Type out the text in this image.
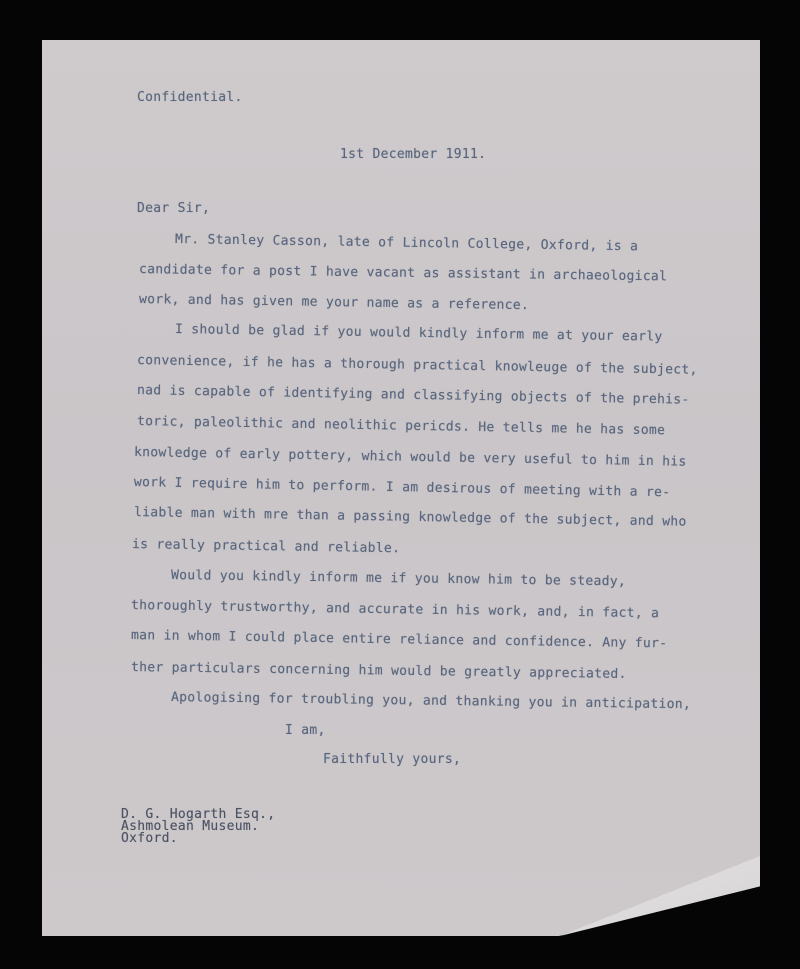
Confidential.
1st December 1911.
Dear Sir,
Mr. Stanley Casson, late of Lincoln College, Oxford, is a
candidate for a post I have vacant as assistant in archaeological
work, and has given me your name as a reference.
I should be glad if you would kindly inform me at your early
convenience, if he has a thorough practical knowleuge of the subject,
nad is capable of identifying and classifying objects of the prehis-
toric, paleolithic and neolithic pericds. He tells me he has some
knowledge of early pottery, which would be very useful to him in his
work I require him to perform. I am desirous of meeting with a re-
liable man with mre than a passing knowledge of the subject, and who
is really practical and reliable.
Would you kindly inform me if you know him to be steady,
thoroughly trustworthy, and accurate in his work, and, in fact, a
man in whom I could place entire reliance and confidence. Any fur-
ther particulars concerning him would be greatly appreciated.
Apologising for troubling you, and thanking you in anticipation,
I am,
Faithfully yours,
D. G. Hogarth Esq.,
Ashmolean Museum.
Oxford.
